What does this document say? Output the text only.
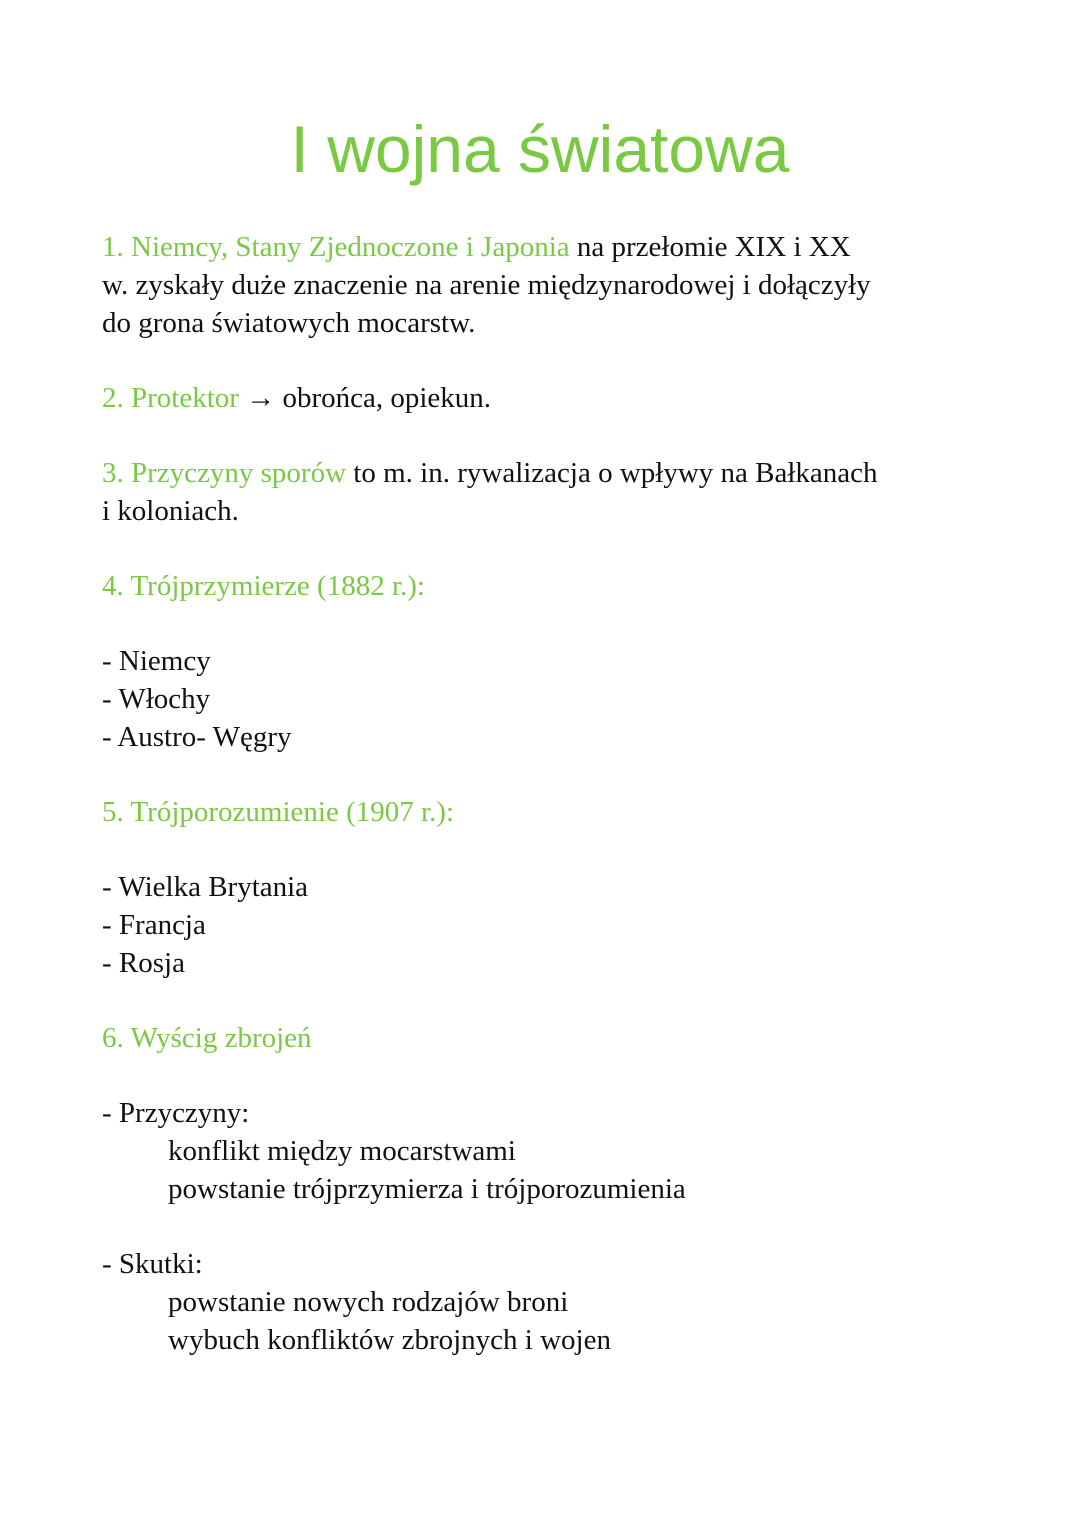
I wojna światowa
1. Niemcy, Stany Zjednoczone i Japonia na przełomie XIX i XX
w. zyskały duże znaczenie na arenie międzynarodowej i dołączyły
do grona światowych mocarstw.
2. Protektor → obrońca, opiekun.
3. Przyczyny sporów to m. in. rywalizacja o wpływy na Bałkanach
i koloniach.
4. Trójprzymierze (1882 r.):
- Niemcy
- Włochy
- Austro- Węgry
5. Trójporozumienie (1907 r.):
- Wielka Brytania
- Francja
- Rosja
6. Wyścig zbrojeń
- Przyczyny:
konflikt między mocarstwami
powstanie trójprzymierza i trójporozumienia
- Skutki:
powstanie nowych rodzajów broni
wybuch konfliktów zbrojnych i wojen
